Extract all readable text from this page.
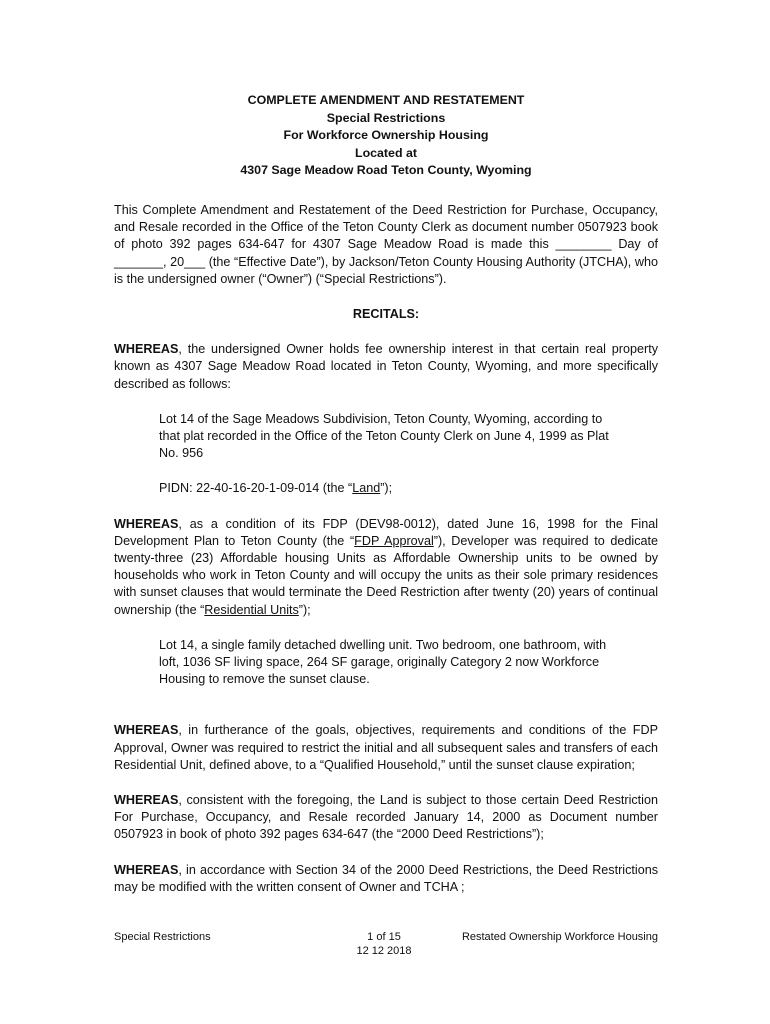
COMPLETE AMENDMENT AND RESTATEMENT
Special Restrictions
For Workforce Ownership Housing
Located at
4307 Sage Meadow Road Teton County, Wyoming

This Complete Amendment and Restatement of the Deed Restriction for Purchase, Occupancy, and Resale recorded in the Office of the Teton County Clerk as document number 0507923 book of photo 392 pages 634-647 for 4307 Sage Meadow Road is made this ________ Day of _______, 20___ (the “Effective Date”), by Jackson/Teton County Housing Authority (JTCHA), who is the undersigned owner (“Owner”) (“Special Restrictions”).

RECITALS:

WHEREAS, the undersigned Owner holds fee ownership interest in that certain real property known as 4307 Sage Meadow Road located in Teton County, Wyoming, and more specifically described as follows:

Lot 14 of the Sage Meadows Subdivision, Teton County, Wyoming, according to that plat recorded in the Office of the Teton County Clerk on June 4, 1999 as Plat No. 956

PIDN: 22-40-16-20-1-09-014 (the “Land”);

WHEREAS, as a condition of its FDP (DEV98-0012), dated June 16, 1998 for the Final Development Plan to Teton County (the “FDP Approval”), Developer was required to dedicate twenty-three (23) Affordable housing Units as Affordable Ownership units to be owned by households who work in Teton County and will occupy the units as their sole primary residences with sunset clauses that would terminate the Deed Restriction after twenty (20) years of continual ownership (the “Residential Units”);

Lot 14, a single family detached dwelling unit. Two bedroom, one bathroom, with loft, 1036 SF living space, 264 SF garage, originally Category 2 now Workforce Housing to remove the sunset clause.

WHEREAS, in furtherance of the goals, objectives, requirements and conditions of the FDP Approval, Owner was required to restrict the initial and all subsequent sales and transfers of each Residential Unit, defined above, to a “Qualified Household,” until the sunset clause expiration;

WHEREAS, consistent with the foregoing, the Land is subject to those certain Deed Restriction For Purchase, Occupancy, and Resale recorded January 14, 2000 as Document number 0507923 in book of photo 392 pages 634-647 (the “2000 Deed Restrictions”);

WHEREAS, in accordance with Section 34 of the 2000 Deed Restrictions, the Deed Restrictions may be modified with the written consent of Owner and TCHA ;

Special Restrictions	1 of 15
12 12 2018
Restated Ownership Workforce Housing
